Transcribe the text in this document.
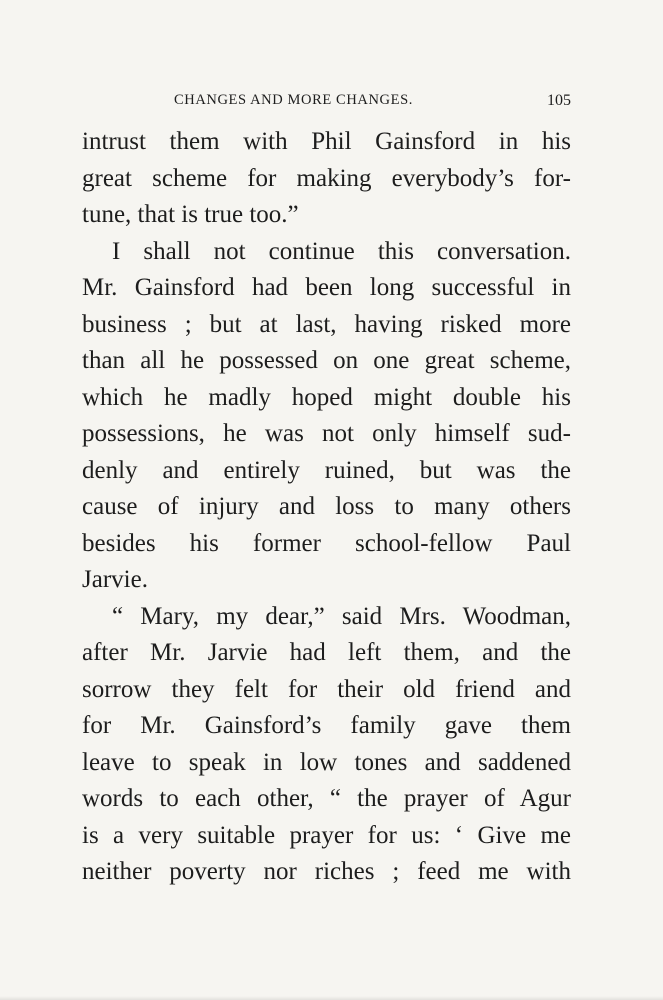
CHANGES AND MORE CHANGES.	105
intrust them with Phil Gainsford in his
great scheme for making everybody’s for-
tune, that is true too.”
I shall not continue this conversation.
Mr. Gainsford had been long successful in
business ; but at last, having risked more
than all he possessed on one great scheme,
which he madly hoped might double his
possessions, he was not only himself sud-
denly and entirely ruined, but was the
cause of injury and loss to many others
besides his former school-fellow Paul
Jarvie.
“ Mary, my dear,” said Mrs. Woodman,
after Mr. Jarvie had left them, and the
sorrow they felt for their old friend and
for Mr. Gainsford’s family gave them
leave to speak in low tones and saddened
words to each other, “ the prayer of Agur
is a very suitable prayer for us: ‘ Give me
neither poverty nor riches ; feed me with
